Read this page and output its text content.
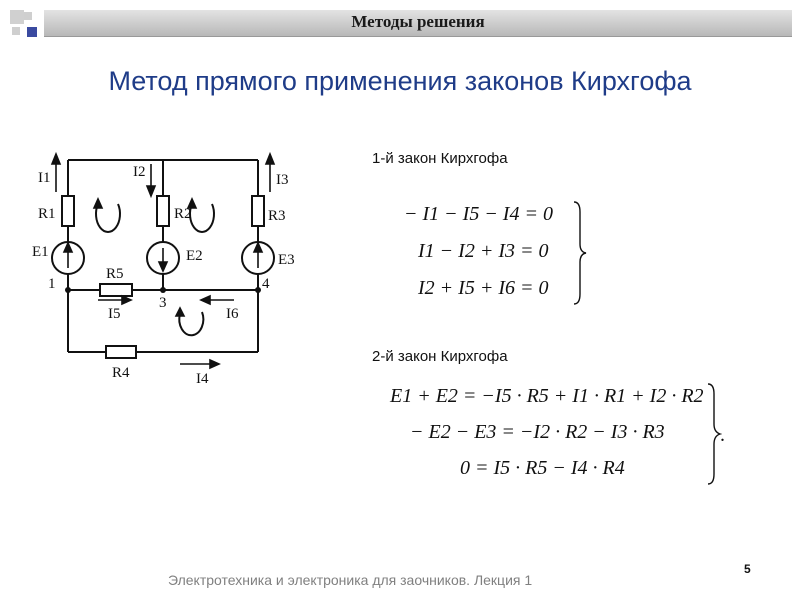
Методы решения
Метод прямого применения законов Кирхгофа
I1	I2	I3
I4
I5	I6
R1	R2	R3
R4
R5
E1	E2	E3
1
3
4
1-й закон Кирхгофа
− I1 − I5 − I4 = 0
I1 − I2 + I3 = 0
I2 + I5 + I6 = 0
2-й закон Кирхгофа
E1 + E2 = −I5 · R5 + I1 · R1 + I2 · R2
− E2 − E3 = −I2 · R2 − I3 · R3
0 = I5 · R5 − I4 · R4
.
Электротехника и электроника для заочников. Лекция 1
5
